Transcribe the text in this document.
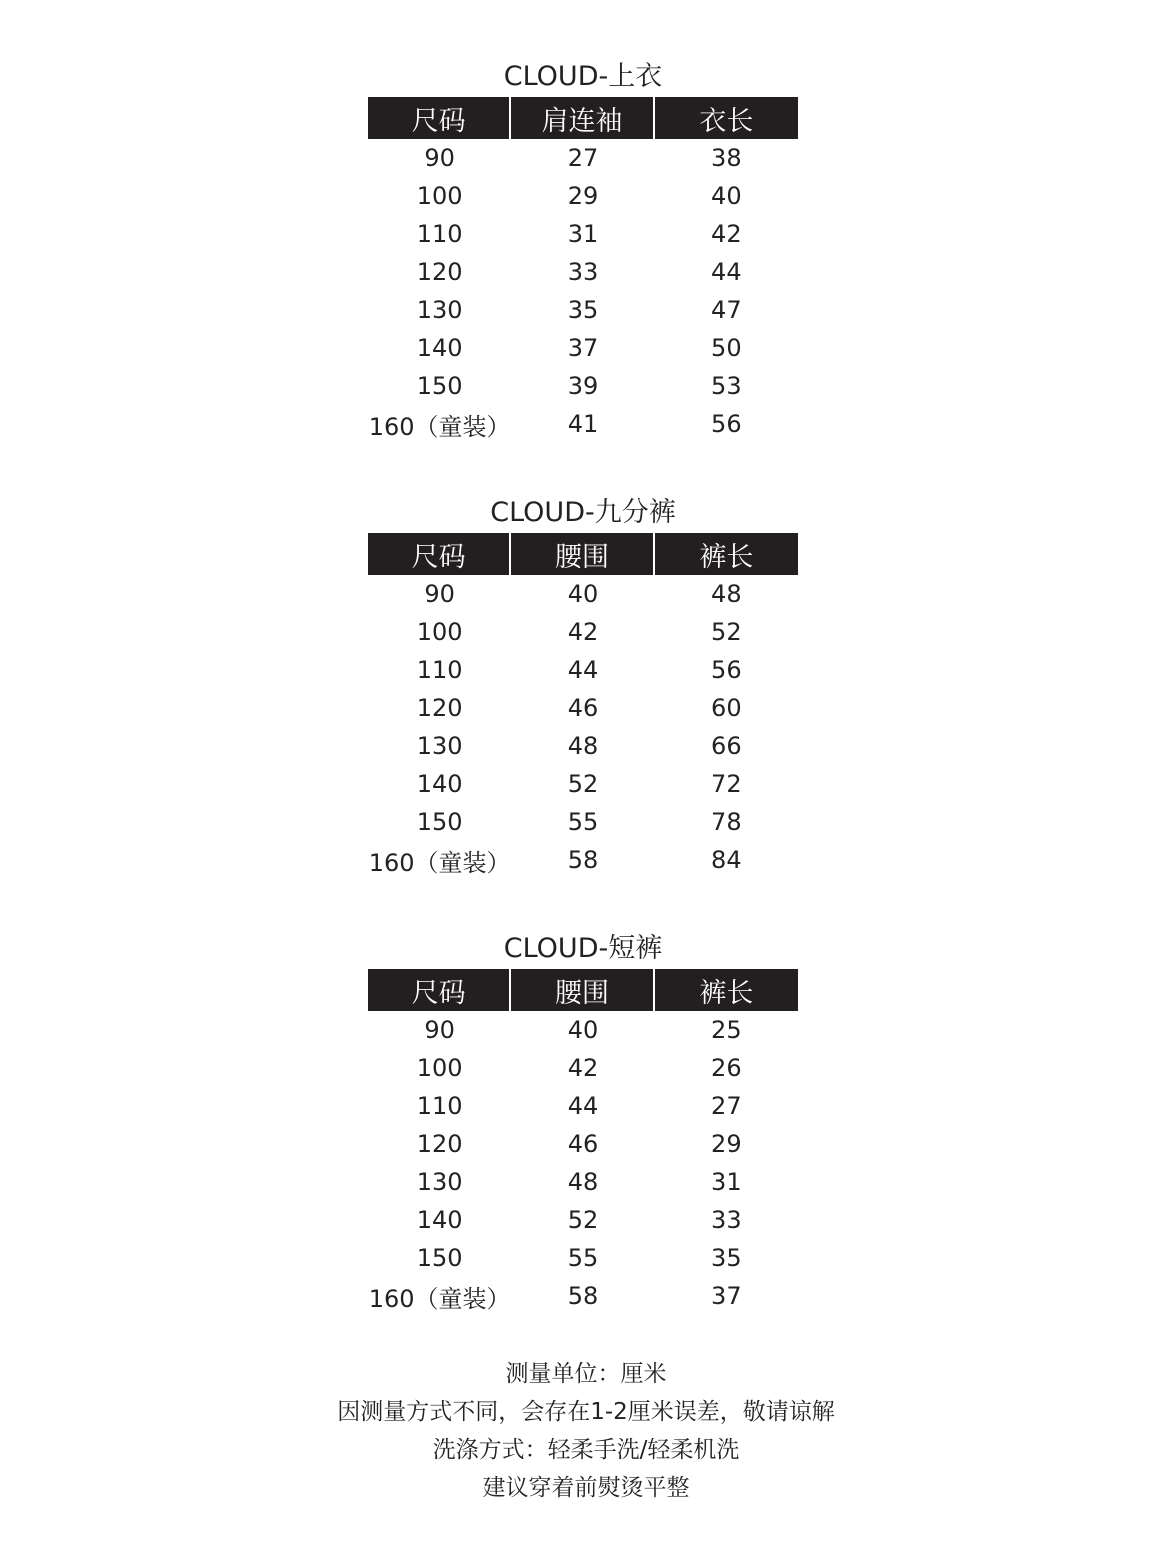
CLOUD-上衣
尺码	肩连袖	衣长
90	27	38
100	29	40
110	31	42
120	33	44
130	35	47
140	37	50
150	39	53
160（童装）	41	56
CLOUD-九分裤
尺码	腰围	裤长
90	40	48
100	42	52
110	44	56
120	46	60
130	48	66
140	52	72
150	55	78
160（童装）	58	84
CLOUD-短裤
尺码	腰围	裤长
90	40	25
100	42	26
110	44	27
120	46	29
130	48	31
140	52	33
150	55	35
160（童装）	58	37
测量单位：厘米
因测量方式不同，会存在1-2厘米误差，敬请谅解
洗涤方式：轻柔手洗/轻柔机洗
建议穿着前熨烫平整
